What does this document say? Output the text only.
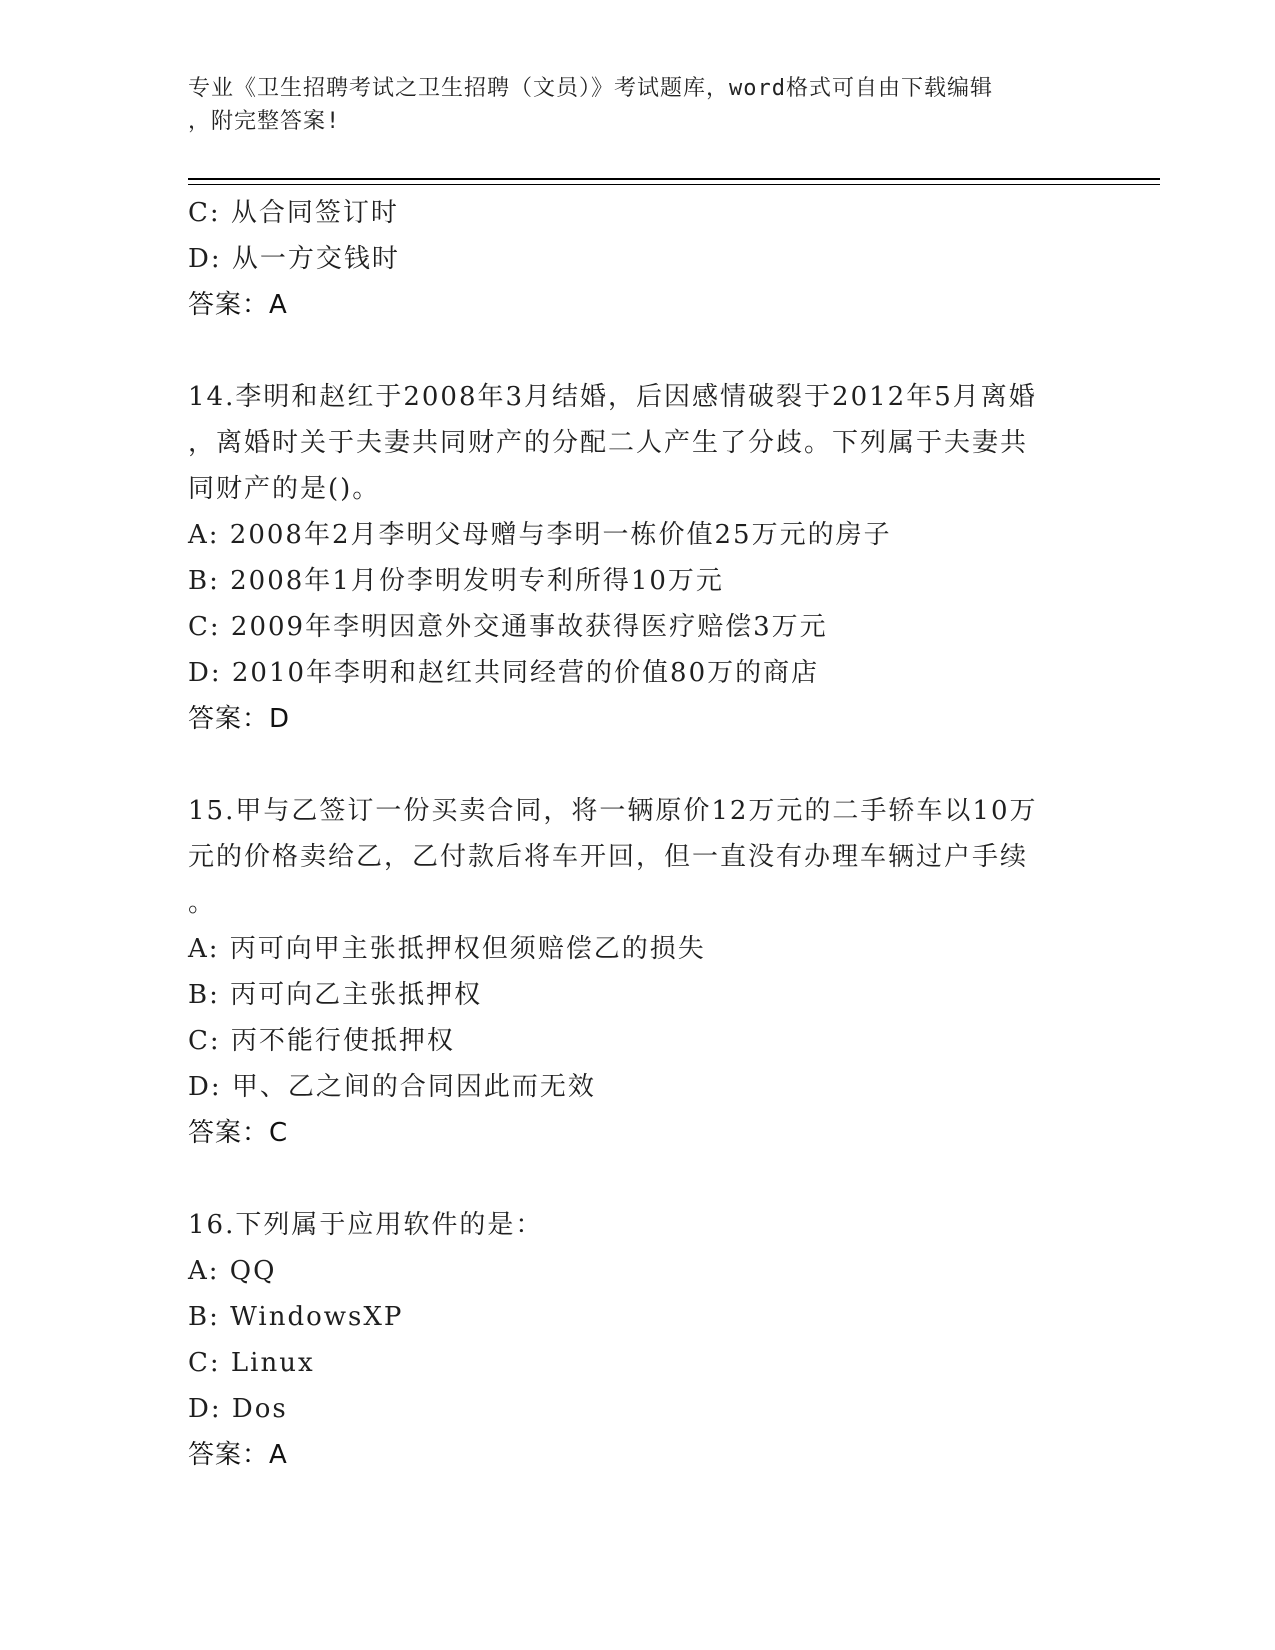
专业《卫生招聘考试之卫生招聘（文员）》考试题库，word格式可自由下载编辑
，附完整答案!
C: 从合同签订时
D: 从一方交钱时
答案：A
14.李明和赵红于2008年3月结婚，后因感情破裂于2012年5月离婚
，离婚时关于夫妻共同财产的分配二人产生了分歧。下列属于夫妻共
同财产的是()。
A: 2008年2月李明父母赠与李明一栋价值25万元的房子
B: 2008年1月份李明发明专利所得10万元
C: 2009年李明因意外交通事故获得医疗赔偿3万元
D: 2010年李明和赵红共同经营的价值80万的商店
答案：D
15.甲与乙签订一份买卖合同，将一辆原价12万元的二手轿车以10万
元的价格卖给乙，乙付款后将车开回，但一直没有办理车辆过户手续
。
A: 丙可向甲主张抵押权但须赔偿乙的损失
B: 丙可向乙主张抵押权
C: 丙不能行使抵押权
D: 甲、乙之间的合同因此而无效
答案：C
16.下列属于应用软件的是：
A: QQ
B: WindowsXP
C: Linux
D: Dos
答案：A
